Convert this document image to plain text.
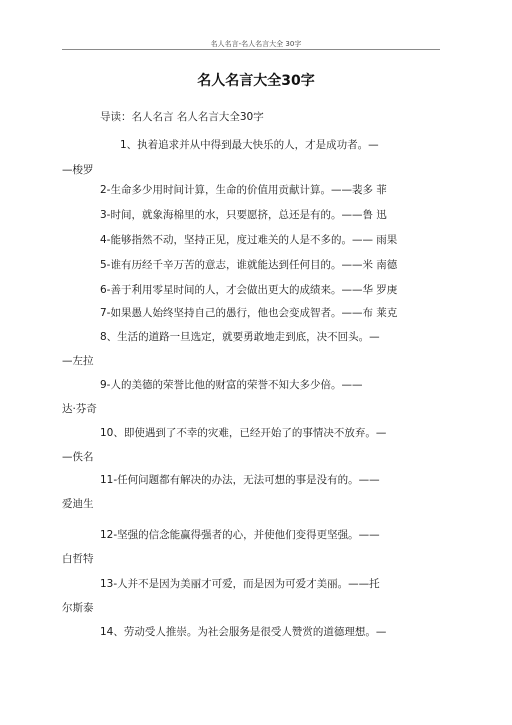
名人名言-名人名言大全 30字
名人名言大全30字
导读：名人名言 名人名言大全30字
1、执着追求并从中得到最大快乐的人，才是成功者。—
—梭罗
2-生命多少用时间计算，生命的价值用贡献计算。——裴多 菲
3-时间，就象海棉里的水，只要愿挤，总还是有的。——鲁 迅
4-能够指然不动，坚持正见，度过难关的人是不多的。—— 雨果
5-谁有历经千辛万苦的意志，谁就能达到任何目的。——米 南德
6-善于利用零星时间的人，才会做出更大的成绩来。——华 罗庚
7-如果愚人始终坚持自己的愚行，他也会变成智者。——布 莱克
8、生活的道路一旦选定，就要勇敢地走到底，决不回头。—
—左拉
9-人的美德的荣誉比他的财富的荣誉不知大多少倍。——
达·芬奇
10、即使遇到了不幸的灾难，已经开始了的事情决不放弃。—
—佚名
11-任何问题都有解决的办法，无法可想的事是没有的。——
爱迪生
12-坚强的信念能赢得强者的心，并使他们变得更坚强。——
白哲特
13-人并不是因为美丽才可爱，而是因为可爱才美丽。——托
尔斯泰
14、劳动受人推崇。为社会服务是很受人赞赏的道德理想。—
